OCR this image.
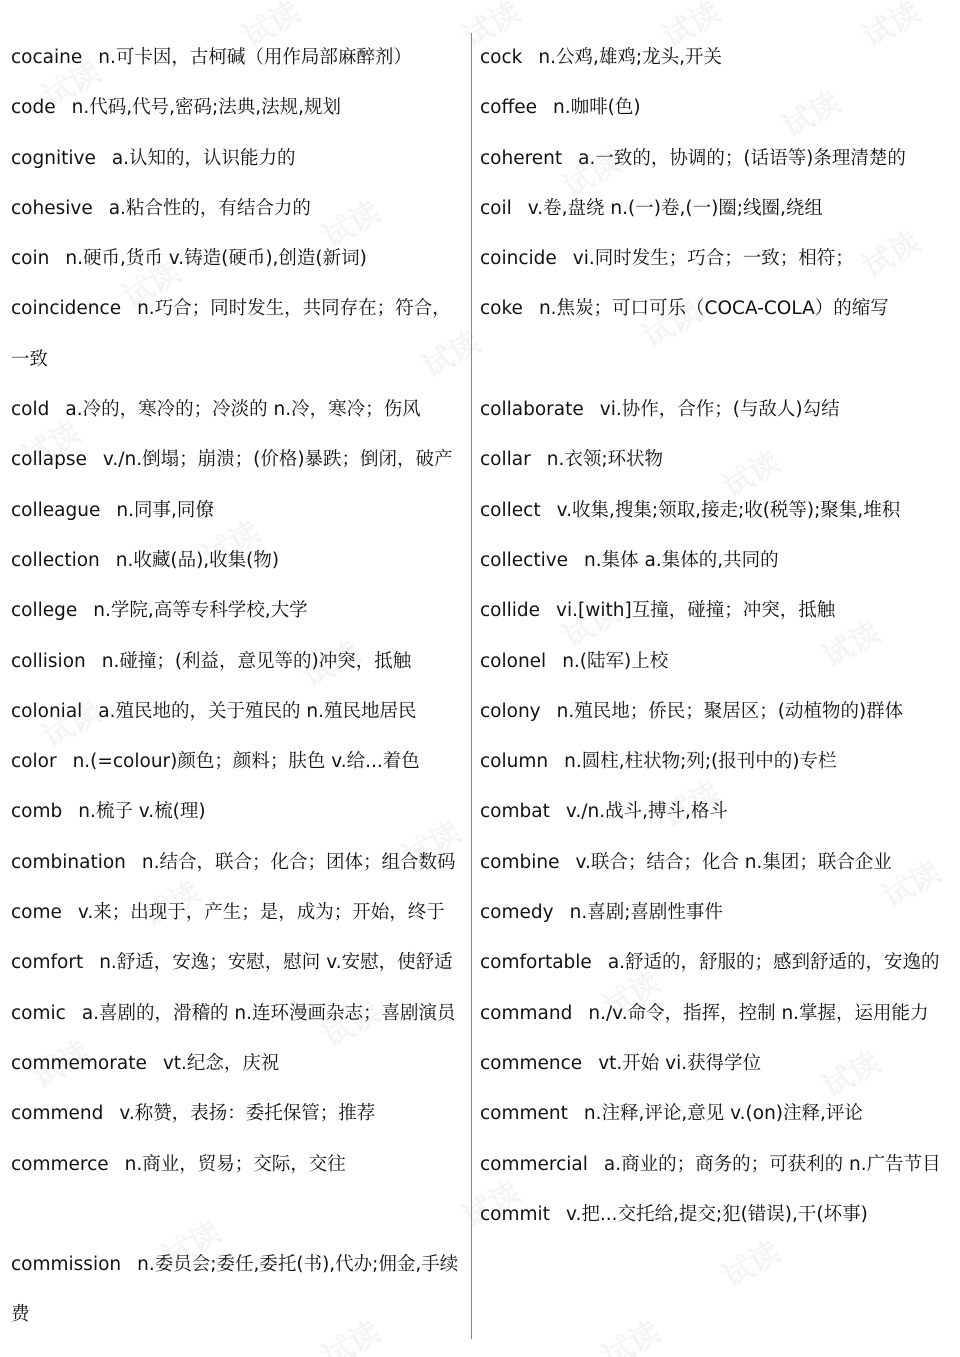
cocaine n.可卡因，古柯碱（用作局部麻醉剂）
code n.代码,代号,密码;法典,法规,规划
cognitive a.认知的，认识能力的
cohesive a.粘合性的，有结合力的
coin n.硬币,货币 v.铸造(硬币),创造(新词)
coincidence n.巧合；同时发生，共同存在；符合，一致
cold a.冷的，寒冷的；冷淡的 n.冷，寒冷；伤风
collapse v./n.倒塌；崩溃；(价格)暴跌；倒闭，破产
colleague n.同事,同僚
collection n.收藏(品),收集(物)
college n.学院,高等专科学校,大学
collision n.碰撞；(利益，意见等的)冲突，抵触
colonial a.殖民地的，关于殖民的 n.殖民地居民
color n.(=colour)颜色；颜料；肤色 v.给...着色
comb n.梳子 v.梳(理)
combination n.结合，联合；化合；团体；组合数码
come v.来；出现于，产生；是，成为；开始，终于
comfort n.舒适，安逸；安慰，慰问 v.安慰，使舒适
comic a.喜剧的，滑稽的 n.连环漫画杂志；喜剧演员
commemorate vt.纪念，庆祝
commend v.称赞，表扬：委托保管；推荐
commerce n.商业，贸易；交际，交往
commission n.委员会;委任,委托(书),代办;佣金,手续费
cock n.公鸡,雄鸡;龙头,开关
coffee n.咖啡(色)
coherent a.一致的，协调的；(话语等)条理清楚的
coil v.卷,盘绕 n.(一)卷,(一)圈;线圈,绕组
coincide vi.同时发生；巧合；一致；相符；
coke n.焦炭；可口可乐（COCA-COLA）的缩写
collaborate vi.协作，合作；(与敌人)勾结
collar n.衣领;环状物
collect v.收集,搜集;领取,接走;收(税等);聚集,堆积
collective n.集体 a.集体的,共同的
collide vi.[with]互撞，碰撞；冲突，抵触
colonel n.(陆军)上校
colony n.殖民地；侨民；聚居区；(动植物的)群体
column n.圆柱,柱状物;列;(报刊中的)专栏
combat v./n.战斗,搏斗,格斗
combine v.联合；结合；化合 n.集团；联合企业
comedy n.喜剧;喜剧性事件
comfortable a.舒适的，舒服的；感到舒适的，安逸的
command n./v.命令，指挥，控制 n.掌握，运用能力
commence vt.开始 vi.获得学位
comment n.注释,评论,意见 v.(on)注释,评论
commercial a.商业的；商务的；可获利的 n.广告节目
commit v.把...交托给,提交;犯(错误),干(坏事)
